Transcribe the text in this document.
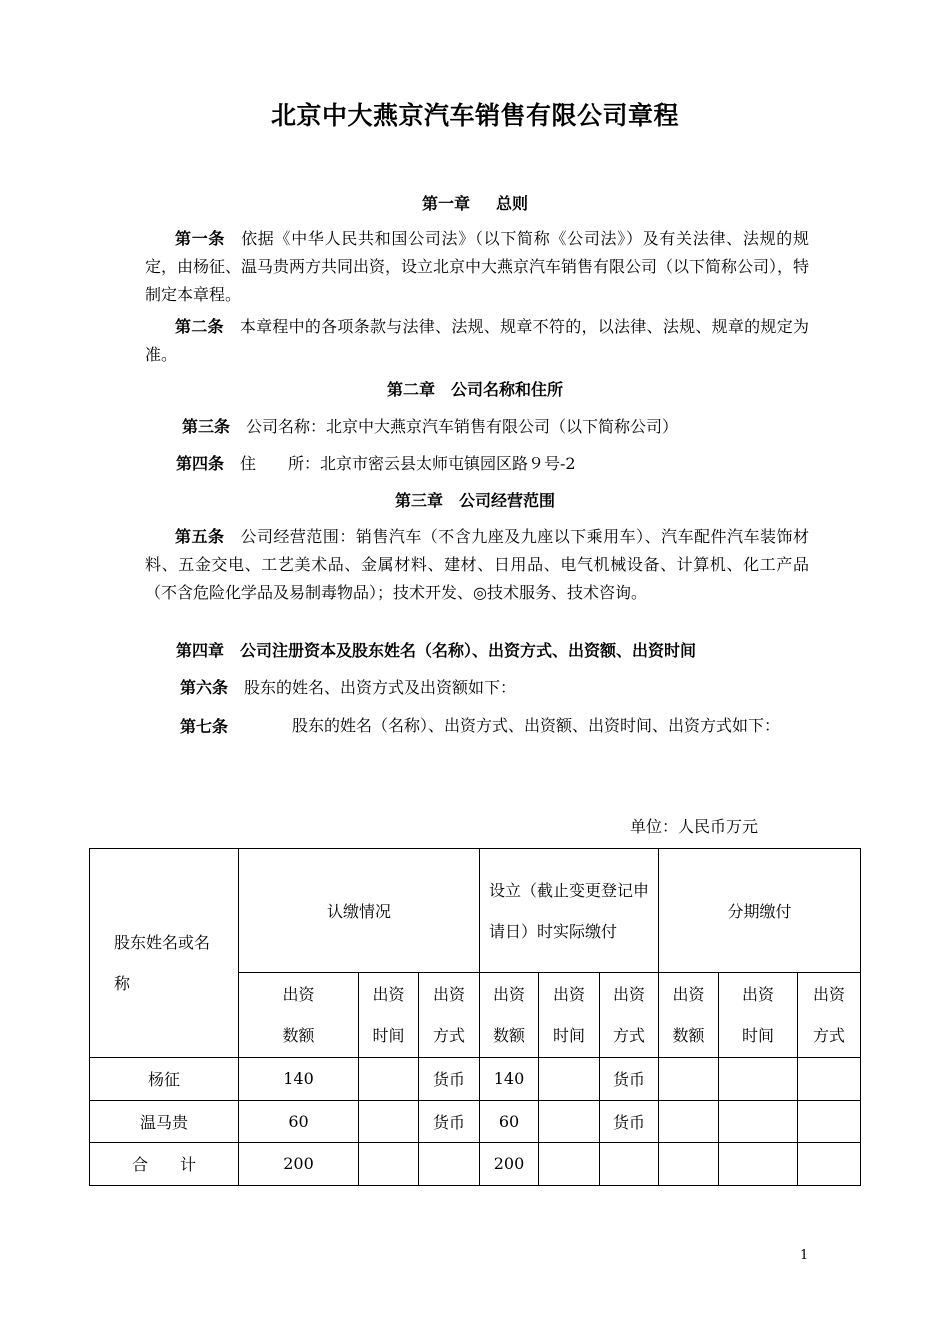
北京中大燕京汽车销售有限公司章程
第一章 总则
第一条 依据《中华人民共和国公司法》（以下简称《公司法》）及有关法律、法规的规定，由杨征、温马贵两方共同出资，设立北京中大燕京汽车销售有限公司（以下简称公司），特制定本章程。
第二条 本章程中的各项条款与法律、法规、规章不符的，以法律、法规、规章的规定为准。
第二章　公司名称和住所
第三条 公司名称：北京中大燕京汽车销售有限公司（以下简称公司）
第四条 住　　所：北京市密云县太师屯镇园区路９号-2
第三章　公司经营范围
第五条 公司经营范围：销售汽车（不含九座及九座以下乘用车）、汽车配件汽车装饰材料、五金交电、工艺美术品、金属材料、建材、日用品、电气机械设备、计算机、化工产品（不含危险化学品及易制毒物品）；技术开发、◎技术服务、技术咨询。
第四章　公司注册资本及股东姓名（名称）、出资方式、出资额、出资时间
第六条 股东的姓名、出资方式及出资额如下：
第七条	股东的姓名（名称）、出资方式、出资额、出资时间、出资方式如下：
单位：人民币万元
股东姓名或名称	认缴情况			设立（截止变更登记申请日）时实际缴付			分期缴付		

	出资数额	出资时间	出资方式	出资数额	出资时间	出资方式	出资数额	出资时间	出资方式

杨征	140		货币	140		货币			
温马贵	60		货币	60		货币			
合　　计	200			200					
1
